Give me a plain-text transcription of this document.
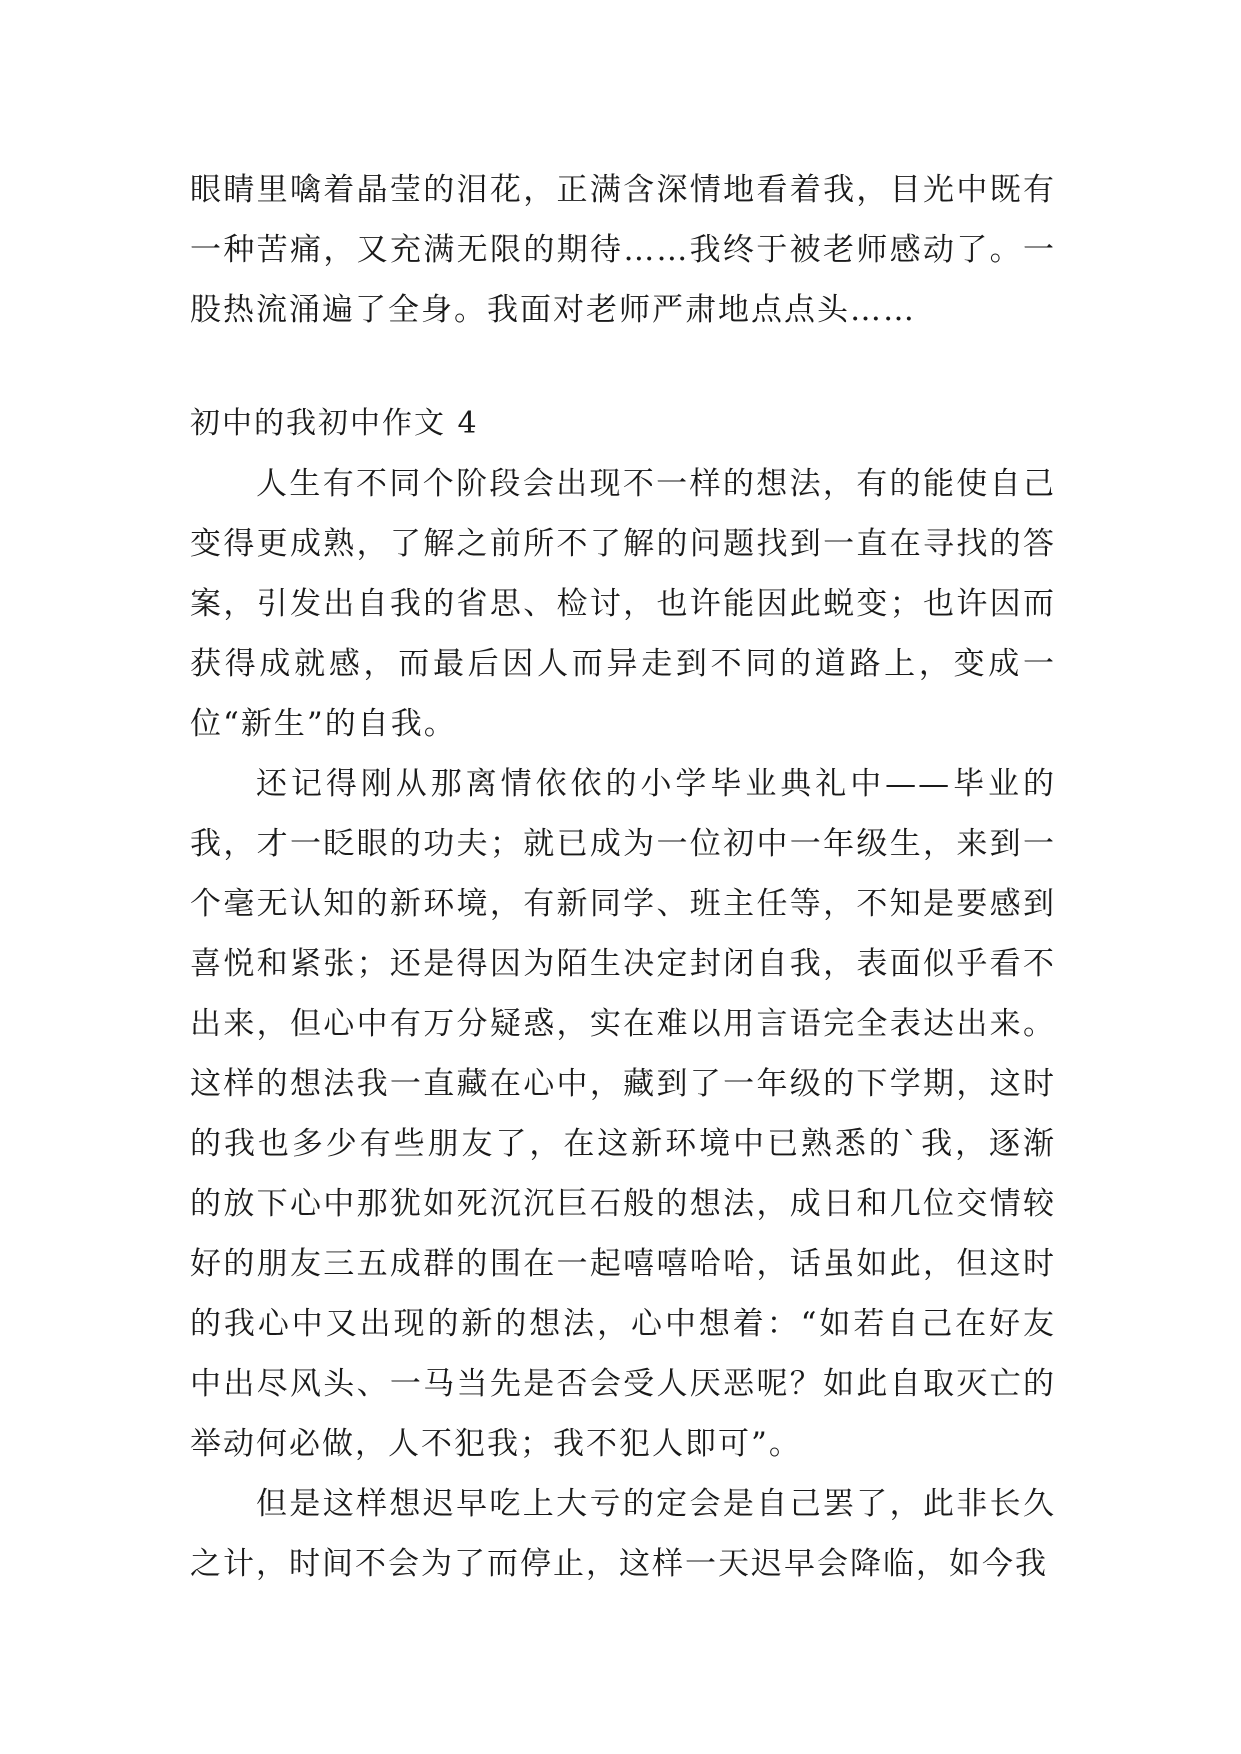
眼睛里噙着晶莹的泪花，正满含深情地看着我，目光中既有一种苦痛，又充满无限的期待……我终于被老师感动了。一股热流涌遍了全身。我面对老师严肃地点点头……

初中的我初中作文 4

人生有不同个阶段会出现不一样的想法，有的能使自己变得更成熟，了解之前所不了解的问题找到一直在寻找的答案，引发出自我的省思、检讨，也许能因此蜕变；也许因而获得成就感，而最后因人而异走到不同的道路上，变成一位“新生”的自我。

还记得刚从那离情依依的小学毕业典礼中——毕业的我，才一眨眼的功夫；就已成为一位初中一年级生，来到一个毫无认知的新环境，有新同学、班主任等，不知是要感到喜悦和紧张；还是得因为陌生决定封闭自我，表面似乎看不出来，但心中有万分疑惑，实在难以用言语完全表达出来。这样的想法我一直藏在心中，藏到了一年级的下学期，这时的我也多少有些朋友了，在这新环境中已熟悉的`我，逐渐的放下心中那犹如死沉沉巨石般的想法，成日和几位交情较好的朋友三五成群的围在一起嘻嘻哈哈，话虽如此，但这时的我心中又出现的新的想法，心中想着：“如若自己在好友中出尽风头、一马当先是否会受人厌恶呢？如此自取灭亡的举动何必做，人不犯我；我不犯人即可”。

但是这样想迟早吃上大亏的定会是自己罢了，此非长久之计，时间不会为了而停止，这样一天迟早会降临，如今我
